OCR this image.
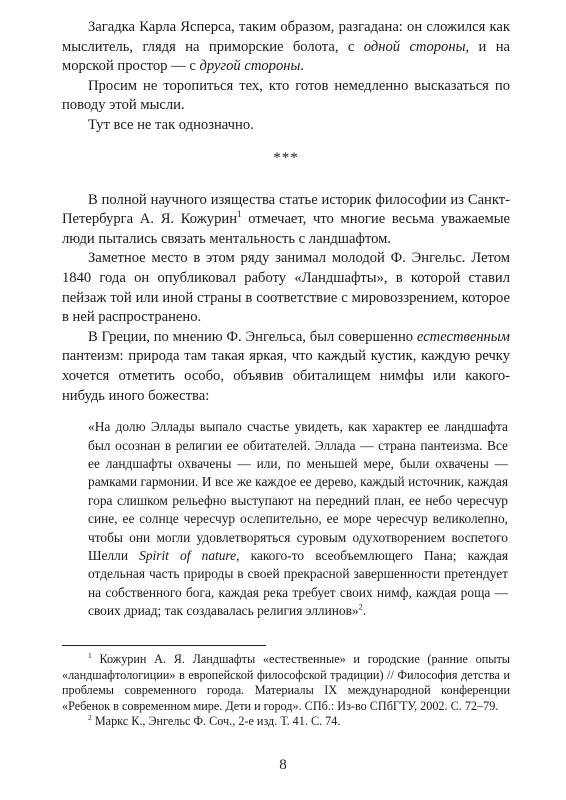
Загадка Карла Ясперса, таким образом, разгадана: он сложился как мыслитель, глядя на приморские болота, с одной стороны, и на морской простор — с другой стороны.

Просим не торопиться тех, кто готов немедленно высказаться по поводу этой мысли.

Тут все не так однозначно.

***

В полной научного изящества статье историк философии из Санкт-Петербурга А. Я. Кожурин$^1$ отмечает, что многие весьма уважаемые люди пытались связать ментальность с ландшафтом.

Заметное место в этом ряду занимал молодой Ф. Энгельс. Летом 1840 года он опубликовал работу «Ландшафты», в которой ставил пейзаж той или иной страны в соответствие с мировоззрением, которое в ней распространено.

В Греции, по мнению Ф. Энгельса, был совершенно естественным пантеизм: природа там такая яркая, что каждый кустик, каждую речку хочется отметить особо, объявив обиталищем нимфы или какого-нибудь иного божества:

«На долю Эллады выпало счастье увидеть, как характер ее ландшафта был осознан в религии ее обитателей. Эллада — страна пантеизма. Все ее ландшафты охвачены — или, по меньшей мере, были охвачены — рамками гармонии. И все же каждое ее дерево, каждый источник, каждая гора слишком рельефно выступают на передний план, ее небо чересчур сине, ее солнце чересчур ослепительно, ее море чересчур великолепно, чтобы они могли удовлетворяться суровым одухотворением воспетого Шелли Spirit of nature, какого-то всеобъемлющего Пана; каждая отдельная часть природы в своей прекрасной завершенности претендует на собственного бога, каждая река требует своих нимф, каждая роща — своих дриад; так создавалась религия эллинов»$^2$.

$^1$ Кожурин А. Я. Ландшафты «естественные» и городские (ранние опыты «ландшафтологиции» в европейской философской традиции) // Философия детства и проблемы современного города. Материалы IX международной конференции «Ребенок в современном мире. Дети и город». СПб.: Из-во СПбГТУ, 2002. С. 72–79.

$^2$ Маркс К., Энгельс Ф. Соч., 2-е изд. Т. 41. С. 74.

8
